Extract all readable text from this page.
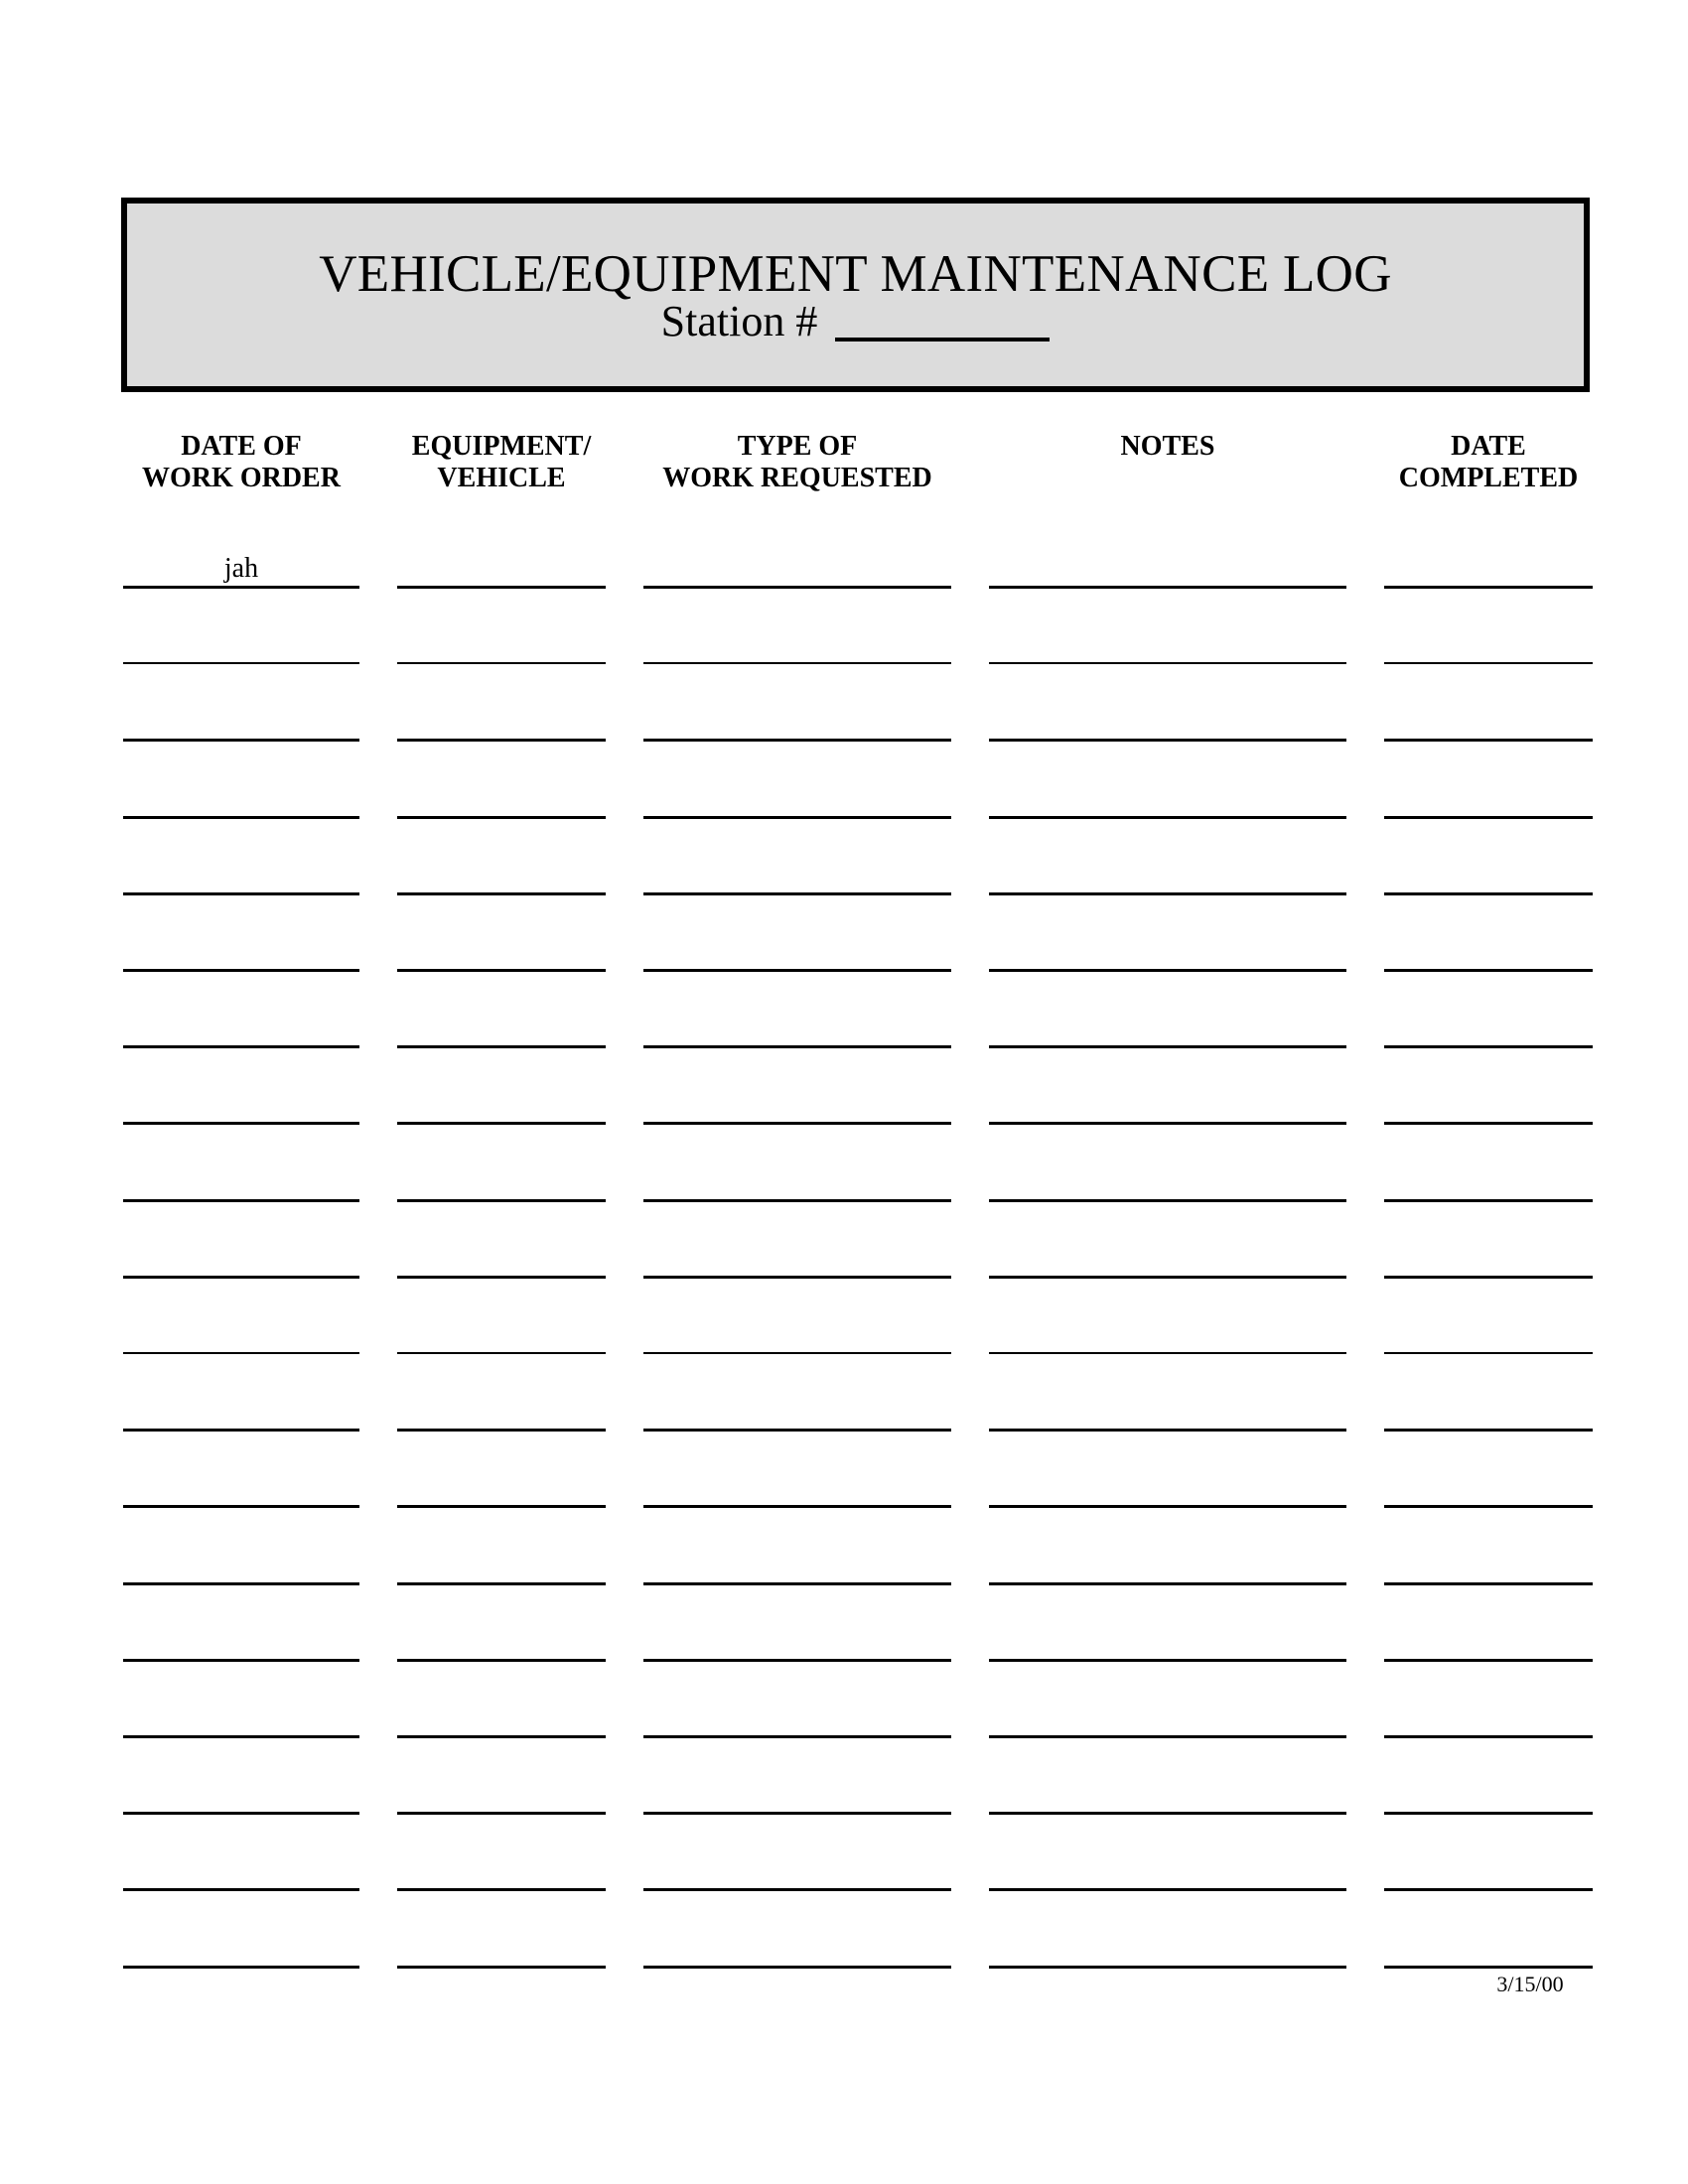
VEHICLE/EQUIPMENT MAINTENANCE LOG
Station #
DATE OF
WORK ORDER
EQUIPMENT/
VEHICLE
TYPE OF
WORK REQUESTED
NOTES	DATE
COMPLETED
jah
3/15/00
